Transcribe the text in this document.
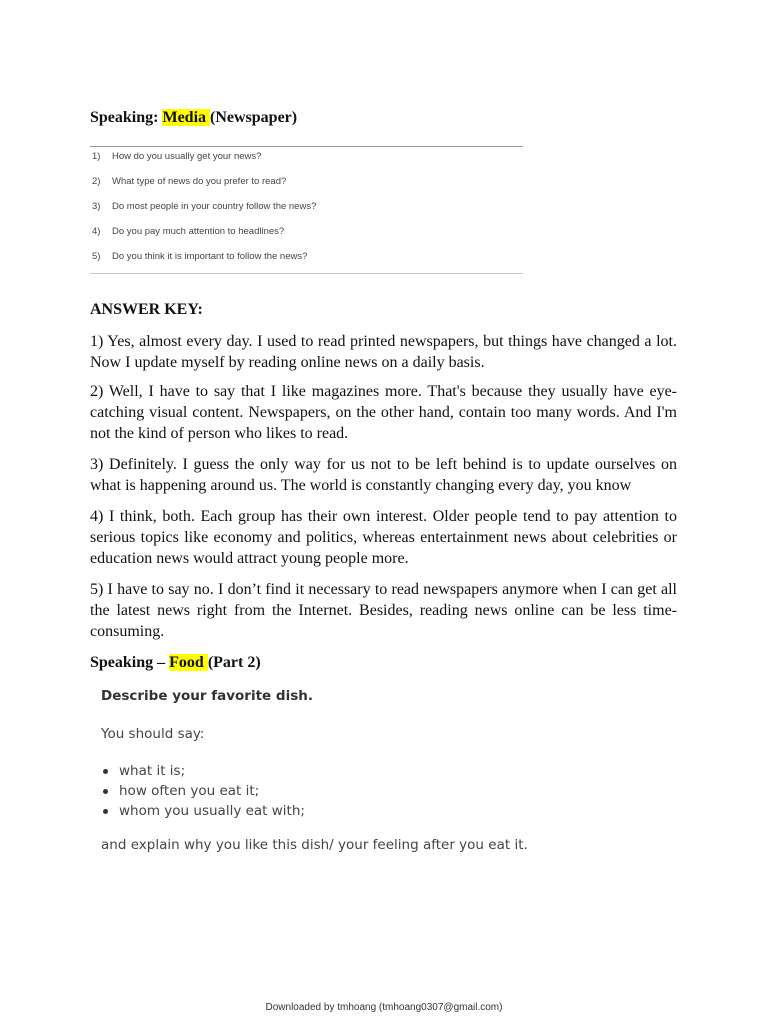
Speaking: Media (Newspaper)
1) How do you usually get your news?
2) What type of news do you prefer to read?
3) Do most people in your country follow the news?
4) Do you pay much attention to headlines?
5) Do you think it is important to follow the news?
ANSWER KEY:

1) Yes, almost every day. I used to read printed newspapers, but things have changed a lot. Now I update myself by reading online news on a daily basis.

2) Well, I have to say that I like magazines more. That's because they usually have eye-catching visual content. Newspapers, on the other hand, contain too many words. And I'm not the kind of person who likes to read.

3) Definitely. I guess the only way for us not to be left behind is to update ourselves on what is happening around us. The world is constantly changing every day, you know

4) I think, both. Each group has their own interest. Older people tend to pay attention to serious topics like economy and politics, whereas entertainment news about celebrities or education news would attract young people more.

5) I have to say no. I don’t find it necessary to read newspapers anymore when I can get all the latest news right from the Internet. Besides, reading news online can be less time-consuming.

Speaking – Food (Part 2)
Describe your favorite dish.
You should say:
what it is;
how often you eat it;
whom you usually eat with;
and explain why you like this dish/ your feeling after you eat it.
Downloaded by tmhoang (tmhoang0307@gmail.com)
